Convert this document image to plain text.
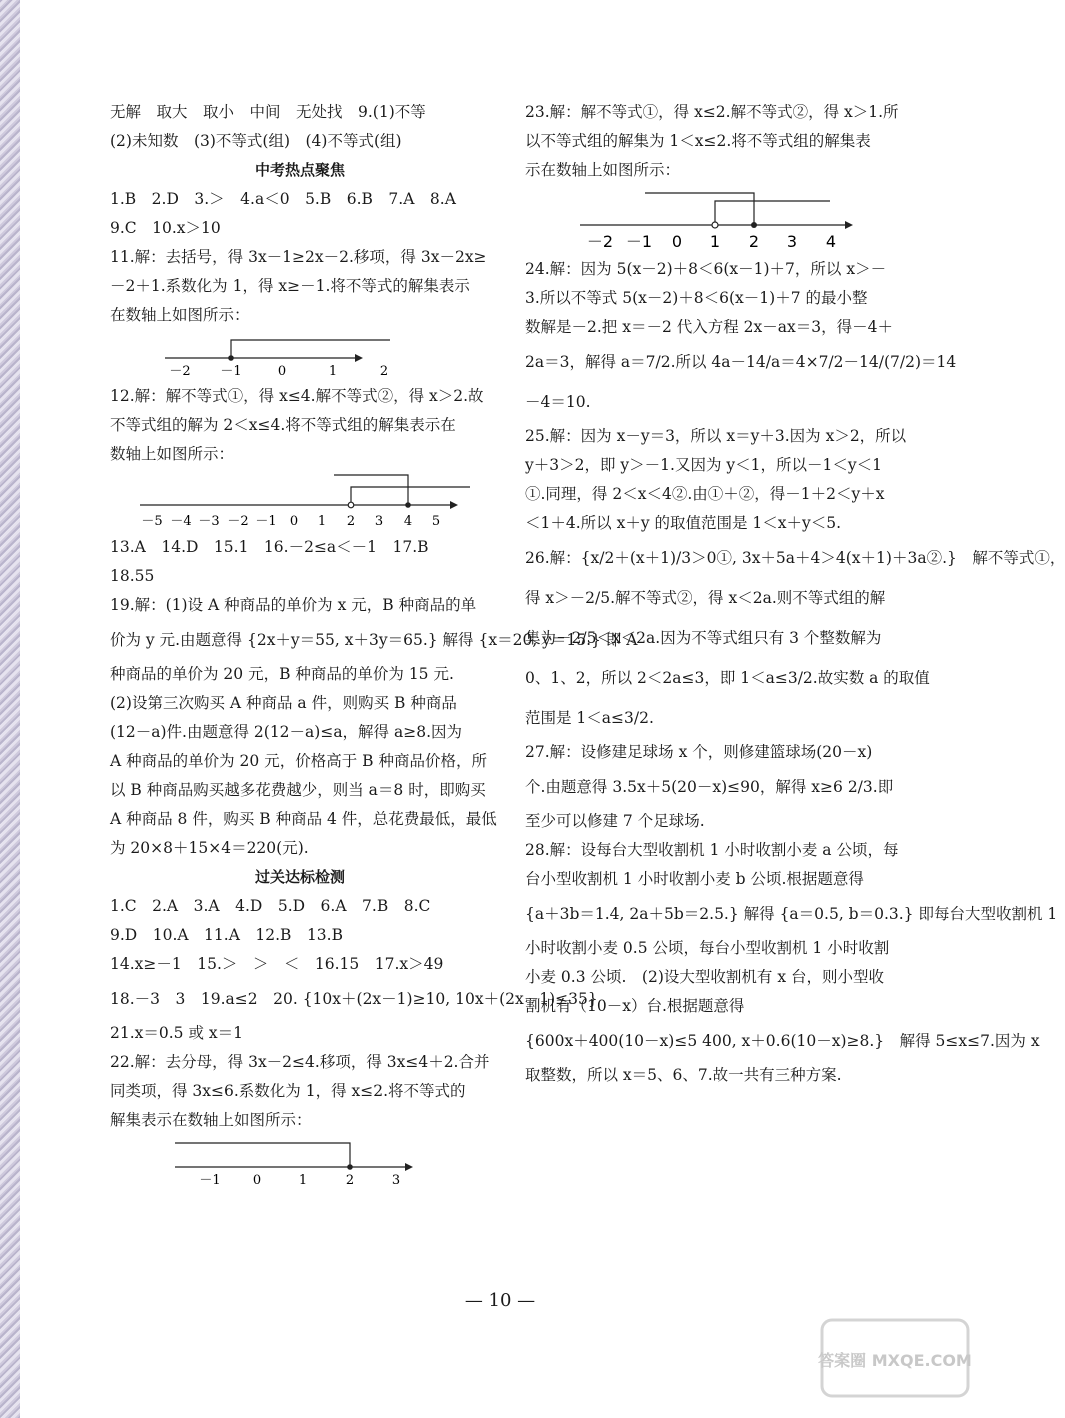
无解　取大　取小　中间　无处找　9.(1)不等
(2)未知数　(3)不等式(组)　(4)不等式(组)
中考热点聚焦
1.B　2.D　3.＞　4.a＜0　5.B　6.B　7.A　8.A
9.C　10.x＞10
11.解：去括号，得 3x－1≥2x－2.移项，得 3x－2x≥
－2＋1.系数化为 1，得 x≥－1.将不等式的解集表示
在数轴上如图所示：
－2 －1	0	1	2
12.解：解不等式①，得 x≤4.解不等式②，得 x＞2.故
不等式组的解为 2＜x≤4.将不等式组的解集表示在
数轴上如图所示：
－5 －4 －3 －2 －1 0 1 2 3 4 5
13.A　14.D　15.1　16.－2≤a＜－1　17.B
18.55
19.解：(1)设 A 种商品的单价为 x 元，B 种商品的单
价为 y 元.由题意得 {2x＋y＝55, x＋3y＝65.} 解得 {x＝20, y＝15.} 即 A
种商品的单价为 20 元，B 种商品的单价为 15 元.
(2)设第三次购买 A 种商品 a 件，则购买 B 种商品
(12－a)件.由题意得 2(12－a)≤a，解得 a≥8.因为
A 种商品的单价为 20 元，价格高于 B 种商品价格，所
以 B 种商品购买越多花费越少，则当 a＝8 时，即购买
A 种商品 8 件，购买 B 种商品 4 件，总花费最低，最低
为 20×8＋15×4＝220(元).
过关达标检测
1.C　2.A　3.A　4.D　5.D　6.A　7.B　8.C
9.D　10.A　11.A　12.B　13.B
14.x≥－1　15.＞　＞　＜　16.15　17.x＞49
18.－3　3　19.a≤2　20. {10x＋(2x－1)≥10, 10x＋(2x－1)≤35}
21.x＝0.5 或 x＝1
22.解：去分母，得 3x－2≤4.移项，得 3x≤4＋2.合并
同类项，得 3x≤6.系数化为 1，得 x≤2.将不等式的
解集表示在数轴上如图所示：
－1 0	1	2	3
23.解：解不等式①，得 x≤2.解不等式②，得 x＞1.所
以不等式组的解集为 1＜x≤2.将不等式组的解集表
示在数轴上如图所示：
－2 －1 0 1 2 3 4
24.解：因为 5(x－2)＋8＜6(x－1)＋7，所以 x＞－
3.所以不等式 5(x－2)＋8＜6(x－1)＋7 的最小整
数解是－2.把 x＝－2 代入方程 2x－ax＝3，得－4＋
2a＝3，解得 a＝7/2.所以 4a－14/a＝4×7/2－14/(7/2)＝14
－4＝10.
25.解：因为 x－y＝3，所以 x＝y＋3.因为 x＞2，所以
y＋3＞2，即 y＞－1.又因为 y＜1，所以－1＜y＜1
①.同理，得 2＜x＜4②.由①＋②，得－1＋2＜y＋x
＜1＋4.所以 x＋y 的取值范围是 1＜x＋y＜5.
26.解：{x/2＋(x＋1)/3＞0①, 3x＋5a＋4＞4(x＋1)＋3a②.}　解不等式①，
得 x＞－2/5.解不等式②，得 x＜2a.则不等式组的解
集为－2/5＜x＜2a.因为不等式组只有 3 个整数解为
0、1、2，所以 2＜2a≤3，即 1＜a≤3/2.故实数 a 的取值
范围是 1＜a≤3/2.
27.解：设修建足球场 x 个，则修建篮球场(20－x)
个.由题意得 3.5x＋5(20－x)≤90，解得 x≥6 2/3.即
至少可以修建 7 个足球场.
28.解：设每台大型收割机 1 小时收割小麦 a 公顷，每
台小型收割机 1 小时收割小麦 b 公顷.根据题意得
{a＋3b＝1.4, 2a＋5b＝2.5.} 解得 {a＝0.5, b＝0.3.} 即每台大型收割机 1
小时收割小麦 0.5 公顷，每台小型收割机 1 小时收割
小麦 0.3 公顷.　(2)设大型收割机有 x 台，则小型收
割机有（10－x）台.根据题意得
{600x＋400(10－x)≤5 400, x＋0.6(10－x)≥8.}　解得 5≤x≤7.因为 x
取整数，所以 x＝5、6、7.故一共有三种方案.
— 10 —
答案圈 MXQE.COM
